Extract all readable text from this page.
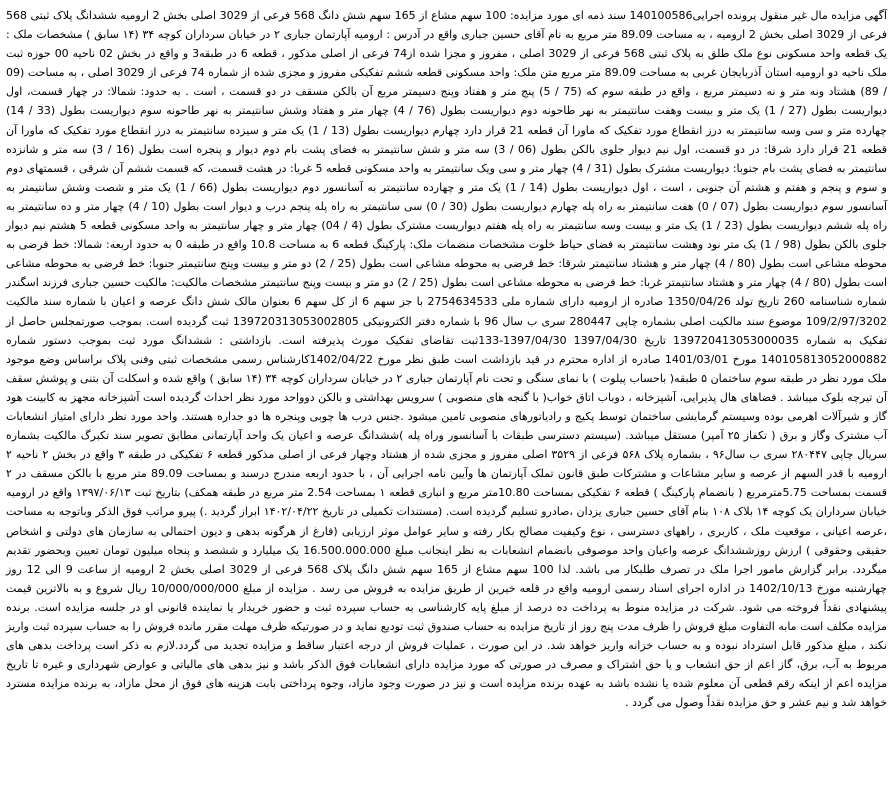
آگهی مزایده مال غیر منقول پرونده اجرایی140100586 سند ذمه ای مورد مزایده: 100 سهم مشاع از 165 سهم شش دانگ 568 فرعی از 3029 اصلی بخش 2 ارومیه ششدانگ پلاک ثبتی 568 فرعی از 3029 اصلی بخش 2 ارومیه ، به مساحت 89.09 متر مربع به نام آقای حسین جباری واقع در آدرس : ارومیه آپارتمان جباری ۲ در خیابان سرداران کوچه ۳۴ (۱۴ سابق ) مشخصات ملک : یک قطعه واحد مسکونی نوع ملک طلق به پلاک ثبتی 568 فرعی از 3029 اصلی ، مفروز و مجزا شده از74 فرعی از اصلی مذکور ، قطعه 6 در طبقه3 و واقع در بخش 02 ناحیه 00 حوزه ثبت ملک ناحیه دو ارومیه استان آذربایجان غربی به مساحت 89.09 متر مربع متن ملک: واحد مسکونی قطعه ششم تفکیکی مفروز و مجزی شده از شماره 74 فرعی از 3029 اصلی ، به مساحت (09 / 89) هشتاد ونه متر و نه دسیمتر مربع ، واقع در طبقه سوم که (75 / 5) پنج متر و هفتاد وپنج دسیمتر مربع آن بالکن مسقف در دو قسمت ، است . به حدود: شمالا: در چهار قسمت، اول دیواریست بطول (27 / 1) یک متر و بیست وهفت سانتیمتر به نهر طاحونه دوم دیواریست بطول (76 / 4) چهار متر و هفتاد وشش سانتیمتر به نهر طاحونه سوم دیواریست بطول (33 / 14) چهارده متر و سی وسه سانتیمتر به درز انقطاع مورد تفکیک که ماورا آن قطعه 21 قرار دارد چهارم دیواریست بطول (13 / 1) یک متر و سیزده سانتیمتر به درز انقطاع مورد تفکیک که ماورا آن قطعه 21 قرار دارد شرقا: در دو قسمت، اول نیم دیوار جلوی بالکن بطول (06 / 3) سه متر و شش سانتیمتر به فضای پشت بام دوم دیوار و پنجره است بطول (16 / 3) سه متر و شانزده سانتیمتر به فضای پشت بام جنوبا: دیواریست مشترک بطول (31 / 4) چهار متر و سی ویک سانتیمتر به واحد مسکونی قطعه 5 غربا: در هشت قسمت، که قسمت ششم آن شرقی ، قسمتهای دوم و سوم و پنجم و هفتم و هشتم آن جنوبی ، است ، اول دیواریست بطول (14 / 1) یک متر و چهارده سانتیمتر به آسانسور دوم دیواریست بطول (66 / 1) یک متر و شصت وشش سانتیمتر به آسانسور سوم دیواریست بطول (07 / 0) هفت سانتیمتر به راه پله چهارم دیواریست بطول (30 / 0) سی سانتیمتر به راه پله پنجم درب و دیوار است بطول (10 / 4) چهار متر و ده سانتیمتر به راه پله ششم دیواریست بطول (23 / 1) یک متر و بیست وسه سانتیمتر به راه پله هفتم دیواریست مشترک بطول (4 / 04) چهار متر و چهار سانتیمتر به واحد مسکونی قطعه 5 هشتم نیم دیوار جلوی بالکن بطول (98 / 1) یک متر نود وهشت سانتیمتر به فضای حیاط خلوت مشخصات منضمات ملک: پارکینگ قطعه 6 به مساحت 10.8 واقع در طبقه 0 به حدود اربعه: شمالا: خط فرضی به محوطه مشاعی است بطول (80 / 4) چهار متر و هشتاد سانتیمتر شرقا: خط فرضی به محوطه مشاعی است بطول (25 / 2) دو متر و بیست وپنج سانتیمتر جنوبا: خط فرضی به محوطه مشاعی است بطول (80 / 4) چهار متر و هشتاد سانتیمتر غربا: خط فرضی به محوطه مشاعی است بطول (25 / 2) دو متر و بیست وپنج سانتیمتر مشخصات مالکیت: مالکیت حسین جباری فرزند اسگندر شماره شناسنامه 260 تاریخ تولد 1350/04/26 صادره از ارومیه دارای شماره ملی 2754634533 با جز سهم 6 از کل سهم 6 بعنوان مالک شش دانگ عرصه و اعیان با شماره سند مالکیت 109/2/97/3202 موضوع سند مالکیت اصلی بشماره چاپی 280447 سری ب سال 96 با شماره دفتر الکترونیکی 139720313053002805 ثبت گردیده است. بموجب صورتمجلس حاصل از تفکیک به شماره 139720413053000035 تاریخ 1397/04/30 1397/04/30-133ثبت تقاضای تفکیک مورث پذیرفته است. بازداشتی : ششدانگ مورد ثبت بموجب دستور شماره 140105813052000882 مورخ 1401/03/01 صادره از اداره محترم در قید بازداشت است طبق نظر مورخ 1402/04/22کارشناس رسمی مشخصات ثبتی وفنی پلاک براساس وضع موجود ملک مورد نظر در طبقه سوم ساختمان ۵ طبقه( باحساب پیلوت ) با نمای سنگی و تحت نام آپارتمان جباری ۲ در خیابان سرداران کوچه ۳۴ (۱۴ سابق ) واقع شده و اسکلت آن بتنی و پوشش سقف آن تیرچه بلوک میباشد . فضاهای هال پذیرایی، آشپزخانه ، دوباب اتاق خواب( با گنجه های منصوبی ) سرویس بهداشتی و بالکن دوواحد مورد نظر احداث گردیده است آشپزخانه مجهز به کابینت هود گاز و شیرآلات اهرمی بوده وسیستم گرمایشی ساختمان توسط پکیج و رادیاتورهای منصوبی تامین میشود .جنس درب ها چوبی وپنجره ها دو جداره هستند. واحد مورد نظر دارای امتیاز انشعابات آب مشترک وگاز و برق ( تکفاز ۲۵ آمپر) مستقل میباشد. (سیستم دسترسی طبقات با آسانسور وراه پله )ششدانگ عرصه و اعیان یک واحد آپارتمانی مطابق تصویر سند تکبرگ مالکیت بشماره سریال چاپی ۲۸۰۴۴۷ سری ب سال۹۶ ، بشماره پلاک ۵۶۸ فرعی از ۳۵۲۹ اصلی مفروز و مجزی شده از هشتاد وچهار فرعی از اصلی مذکور قطعه ۶ تفکیکی در طبقه ۳ واقع در بخش ۲ ناحیه ۲ ارومیه با قدر السهم از عرصه و سایر مشاعات و مشترکات طبق قانون تملک آپارتمان ها وآیین نامه اجرایی آن ، با حدود اربعه مندرج درسند و بمساحت 89.09 متر مربع با بالکن مسقف در ۲ قسمت بمساحت 5.75مترمربع ( بانضمام پارکینگ ) قطعه ۶ تفکیکی بمساحت 10.80متر مربع و انباری قطعه ۱ بمساحت 2.54 متر مربع در طبقه همکف) بتاریخ ثبت ۱۳۹۷/۰۶/۱۳ واقع در ارومیه خیابان سرداران یک کوچه ۱۴ بلاک ۱۰۸ بنام آقای حسین جباری یزدان ،صادرو تسلیم گردیده است. (مستندات تکمیلی در تاریخ ۱۴۰۲/۰۴/۲۲ ابراز گردید .) پیرو مراتب فوق الذکر وباتوجه به مساحت ،عرصه اعیانی ، موقعیت ملک ، کاربری ، راههای دسترسی ، نوع وکیفیت مصالح بکار رفته و سایر عوامل موثر ارزیابی (فارغ از هرگونه بدهی و دیون احتمالی به سازمان های دولتی و اشخاص حقیقی وحقوقی ) ارزش روزششدانگ عرصه واعیان واحد موصوفی بانضمام انشعابات به نظر اینجانب مبلغ 16.500.000.000 یک میلیارد و ششصد و پنجاه میلیون تومان تعیین وبحضور تقدیم میگردد. برابر گزارش مامور اجرا ملک در تصرف طلبکار می باشد. لذا 100 سهم مشاع از 165 سهم شش دانگ پلاک 568 فرعی از 3029 اصلی بخش 2 ارومیه از ساعت 9 الی 12 روز چهارشنبه مورخ 1402/10/13 در اداره اجرای اسناد رسمی ارومیه واقع در قلعه خیرین از طریق مزایده به فروش می رسد . مزایده از مبلغ 10/000/000/000 ریال شروع و به بالاترین قیمت پیشنهادی نقداً فروخته می شود. شرکت در مزایده منوط به پرداخت ده درصد از مبلغ پایه کارشناسی به حساب سپرده ثبت و حضور خریدار یا نماینده قانونی او در جلسه مزایده است. برنده مزایده مکلف است مابه التفاوت مبلغ فروش را ظرف مدت پنج روز از تاریخ مزایده به حساب صندوق ثبت تودیع نماید و در صورتیکه ظرف مهلت مقرر مانده فروش را به حساب سپرده ثبت واریز نکند ، مبلغ مذکور قابل استرداد نبوده و به حساب خزانه واریز خواهد شد. در این صورت ، عملیات فروش از درجه اعتبار ساقط و مزایده تجدید می گردد.لازم به ذکر است پرداخت بدهی های مربوط به آب، برق، گاز اعم از حق انشعاب و یا حق اشتراک و مصرف در صورتی که مورد مزایده دارای انشعابات فوق الذکر باشد و نیز بدهی های مالیاتی و عوارض شهرداری و غیره تا تاریخ مزایده اعم از اینکه رقم قطعی آن معلوم شده یا نشده باشد به عهده برنده مزایده است و نیز در صورت وجود مازاد، وجوه پرداختی بابت هزینه های فوق از محل مازاد، به برنده مزایده مسترد خواهد شد و نیم عشر و حق مزایده نقداً وصول می گردد .
